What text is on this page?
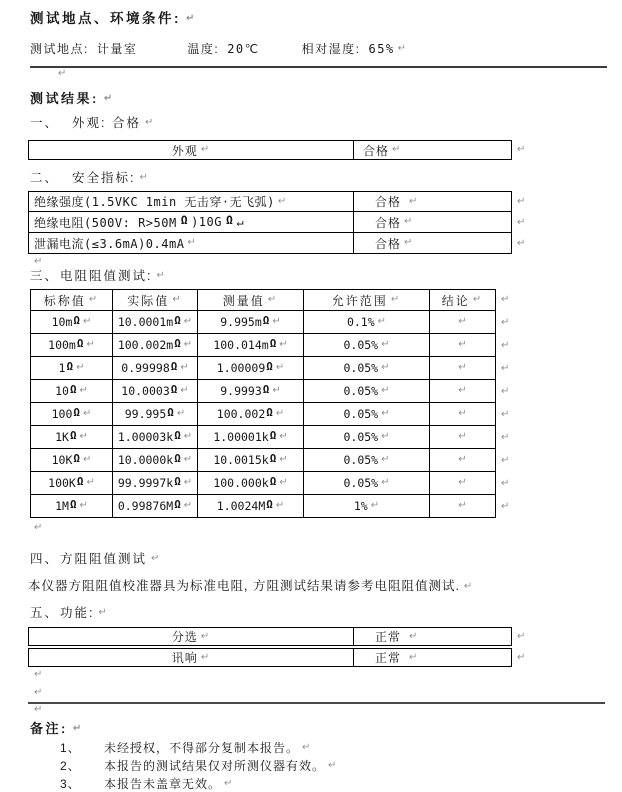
测试地点、环境条件: ↵
测试地点: 计量室	温度: 20℃	相对湿度: 65% ↵
↵
测试结果: ↵
一、 外观: 合格 ↵
外观 ↵	合格 ↵	↵
二、 安全指标: ↵
绝缘强度(1.5VKC 1min 无击穿·无飞弧) ↵	合格 ↵	↵
绝缘电阻(500V: R>50M Ω )10G Ω ↵	合格 ↵	↵
泄漏电流(≤3.6mA)0.4mA ↵	合格 ↵	↵
↵
三、 电阻阻值测试: ↵
标称值 ↵ 实际值 ↵	测量值 ↵	允许范围 ↵	结论 ↵ ↵
10mΩ ↵ 10.0001mΩ ↵ 9.995mΩ ↵	0.1% ↵	↵	↵
100mΩ ↵ 100.002mΩ ↵ 100.014mΩ ↵	0.05% ↵	↵	↵
1Ω ↵	0.99998Ω ↵ 1.00009Ω ↵	0.05% ↵	↵	↵
10Ω ↵	10.0003Ω ↵	9.9993Ω ↵	0.05% ↵	↵	↵
100Ω ↵	99.995Ω ↵	100.002Ω ↵	0.05% ↵	↵	↵
1KΩ ↵	1.00003kΩ ↵ 1.00001kΩ ↵	0.05% ↵	↵	↵
10KΩ ↵ 10.0000kΩ ↵ 10.0015kΩ ↵	0.05% ↵	↵	↵
100KΩ ↵ 99.9997kΩ ↵ 100.000kΩ ↵	0.05% ↵	↵	↵
1MΩ ↵	0.99876MΩ ↵ 1.0024MΩ ↵	1% ↵	↵	↵
↵
四、 方阻阻值测试 ↵
本仪器方阻阻值校准器具为标准电阻, 方阻测试结果请参考电阻阻值测试. ↵
五、 功能: ↵
分选 ↵	正常 ↵	↵
讯响 ↵	正常 ↵	↵
↵
↵
↵
备注: ↵
1、	未经授权，不得部分复制本报告。 ↵
2、	本报告的测试结果仅对所测仪器有效。 ↵
3、	本报告未盖章无效。 ↵
